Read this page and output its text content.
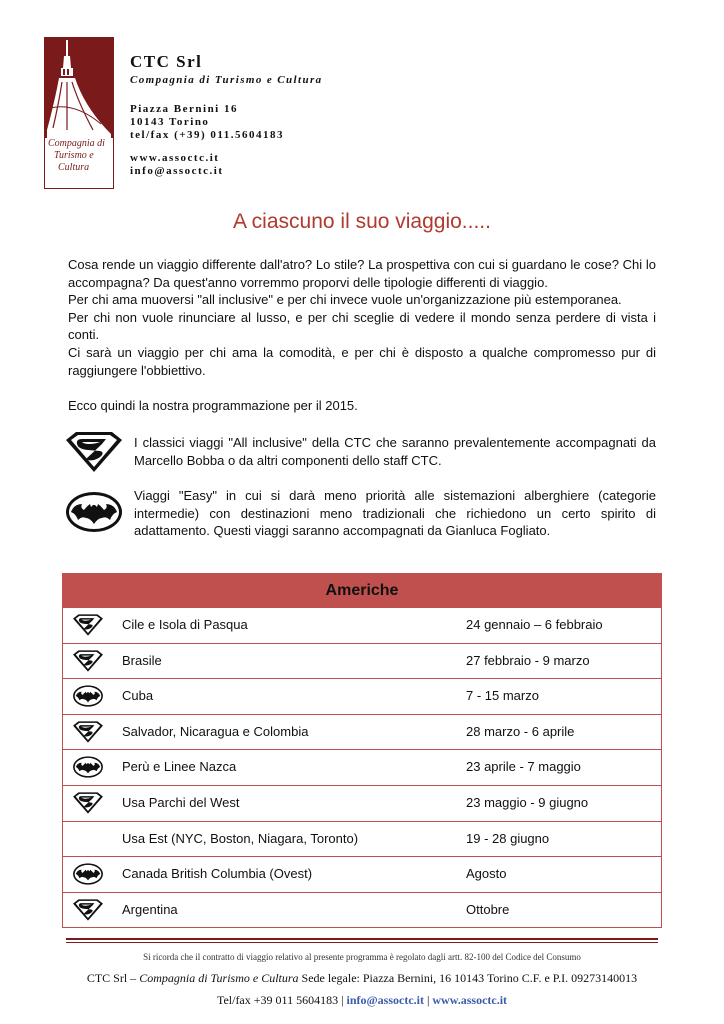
Compagnia di
Turismo e
Cultura
CTC Srl
Compagnia di Turismo e Cultura
Piazza Bernini 16
10143 Torino
tel/fax (+39) 011.5604183
www.assoctc.it
info@assoctc.it
A ciascuno il suo viaggio.....

Cosa rende un viaggio differente dall'atro? Lo stile? La prospettiva con cui si guardano le cose? Chi lo accompagna? Da quest'anno vorremmo proporvi delle tipologie differenti di viaggio.

Per chi ama muoversi "all inclusive" e per chi invece vuole un'organizzazione più estemporanea.

Per chi non vuole rinunciare al lusso, e per chi sceglie di vedere il mondo senza perdere di vista i conti.

Ci sarà un viaggio per chi ama la comodità, e per chi è disposto a qualche compromesso pur di raggiungere l'obbiettivo.

Ecco quindi la nostra programmazione per il 2015.

I classici viaggi "All inclusive" della CTC che saranno prevalentemente accompagnati da Marcello Bobba o da altri componenti dello staff CTC.
Viaggi "Easy" in cui si darà meno priorità alle sistemazioni alberghiere (categorie intermedie) con destinazioni meno tradizionali che richiedono un certo spirito di adattamento. Questi viaggi saranno accompagnati da Gianluca Fogliato.
Americhe
Cile e Isola di Pasqua	24 gennaio – 6 febbraio
Brasile	27 febbraio - 9 marzo
Cuba	7 - 15 marzo
Salvador, Nicaragua e Colombia	28 marzo - 6 aprile
Perù e Linee Nazca	23 aprile - 7 maggio
Usa Parchi del West	23 maggio - 9 giugno
Usa Est (NYC, Boston, Niagara, Toronto)	19 - 28 giugno
Canada British Columbia (Ovest)	Agosto
Argentina	Ottobre
Si ricorda che il contratto di viaggio relativo al presente programma è regolato dagli artt. 82-100 del Codice del Consumo
CTC Srl – Compagnia di Turismo e Cultura Sede legale: Piazza Bernini, 16 10143 Torino C.F. e P.I. 09273140013
Tel/fax +39 011 5604183 | info@assoctc.it | www.assoctc.it
